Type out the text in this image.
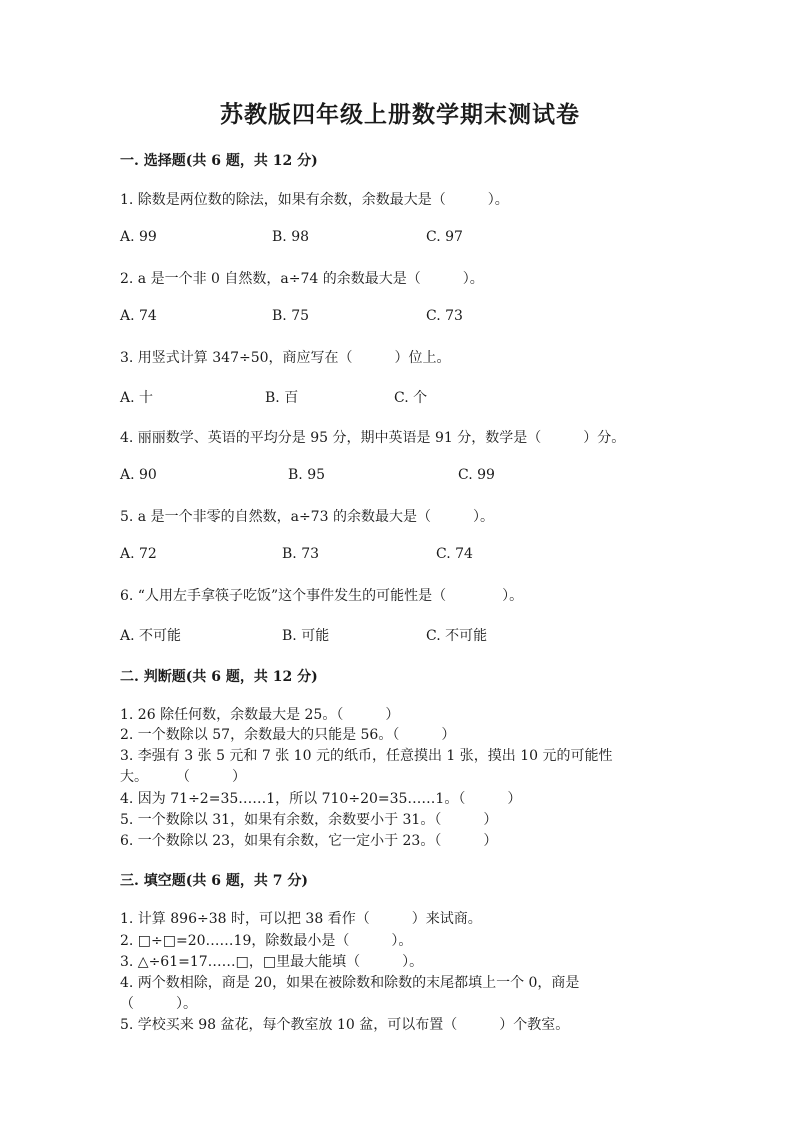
苏教版四年级上册数学期末测试卷
一. 选择题(共 6 题，共 12 分)
1. 除数是两位数的除法，如果有余数，余数最大是（　　　）。
A. 99	B. 98	C. 97
2. a 是一个非 0 自然数，a÷74 的余数最大是（　　　）。
A. 74	B. 75	C. 73
3. 用竖式计算 347÷50，商应写在（　　　）位上。
A. 十	B. 百	C. 个
4. 丽丽数学、英语的平均分是 95 分，期中英语是 91 分，数学是（　　　）分。
A. 90	B. 95	C. 99
5. a 是一个非零的自然数，a÷73 的余数最大是（　　　）。
A. 72	B. 73	C. 74
6. “人用左手拿筷子吃饭”这个事件发生的可能性是（　　　　）。
A. 不可能	B. 可能	C. 不可能
二. 判断题(共 6 题，共 12 分)
1. 26 除任何数，余数最大是 25。（　　　）
2. 一个数除以 57，余数最大的只能是 56。（　　　）
3. 李强有 3 张 5 元和 7 张 10 元的纸币，任意摸出 1 张，摸出 10 元的可能性
大。　　　（　　　）
4. 因为 71÷2=35……1，所以 710÷20=35……1。（　　　）
5. 一个数除以 31，如果有余数，余数要小于 31。（　　　）
6. 一个数除以 23，如果有余数，它一定小于 23。（　　　）
三. 填空题(共 6 题，共 7 分)
1. 计算 896÷38 时，可以把 38 看作（　　　）来试商。
2. □÷□=20……19，除数最小是（　　　）。
3. △÷61=17……□，□里最大能填（　　　）。
4. 两个数相除，商是 20，如果在被除数和除数的末尾都填上一个 0，商是
（　　　）。
5. 学校买来 98 盆花，每个教室放 10 盆，可以布置（　　　）个教室。
